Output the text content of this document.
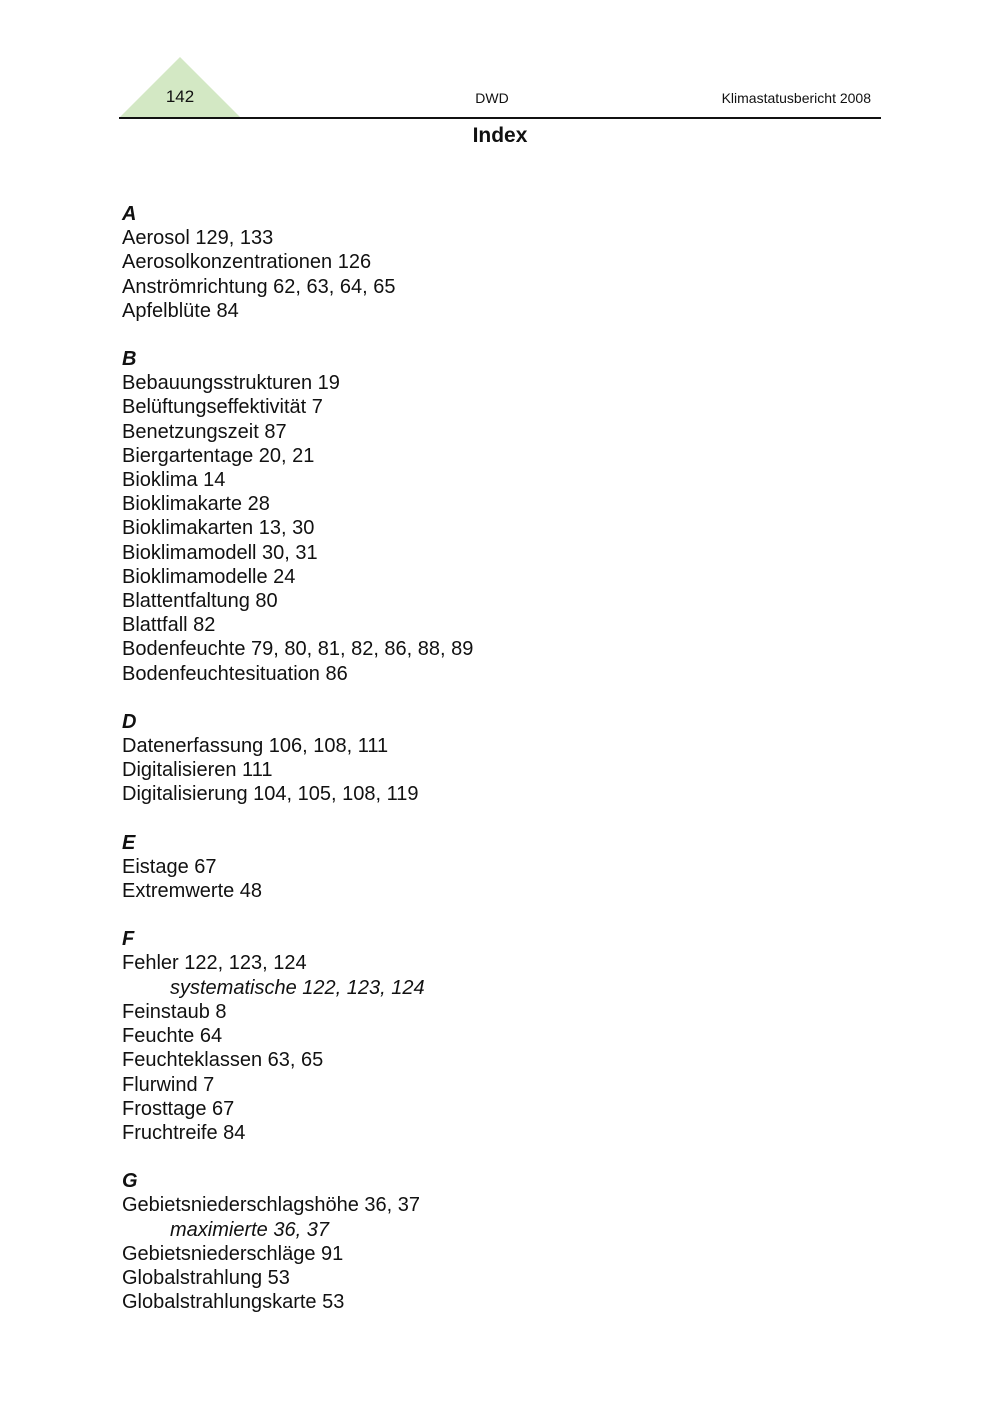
142	DWD	Klimastatusbericht 2008
Index
A
Aerosol 129, 133
Aerosolkonzentrationen 126
Anströmrichtung 62, 63, 64, 65
Apfelblüte 84
B
Bebauungsstrukturen 19
Belüftungseffektivität 7
Benetzungszeit 87
Biergartentage 20, 21
Bioklima 14
Bioklimakarte 28
Bioklimakarten 13, 30
Bioklimamodell 30, 31
Bioklimamodelle 24
Blattentfaltung 80
Blattfall 82
Bodenfeuchte 79, 80, 81, 82, 86, 88, 89
Bodenfeuchtesituation 86
D
Datenerfassung 106, 108, 111
Digitalisieren 111
Digitalisierung 104, 105, 108, 119
E
Eistage 67
Extremwerte 48
F
Fehler 122, 123, 124
systematische 122, 123, 124
Feinstaub 8
Feuchte 64
Feuchteklassen 63, 65
Flurwind 7
Frosttage 67
Fruchtreife 84
G
Gebietsniederschlagshöhe 36, 37
maximierte 36, 37
Gebietsniederschläge 91
Globalstrahlung 53
Globalstrahlungskarte 53
